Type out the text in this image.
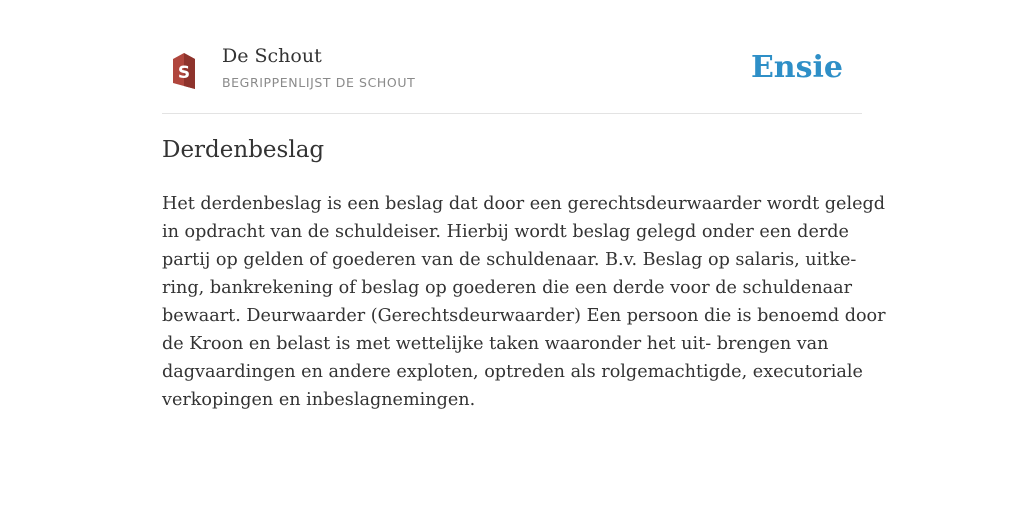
S
De Schout
BEGRIPPENLIJST DE SCHOUT	Ensie
Derdenbeslag

Het derdenbeslag is een beslag dat door een gerechtsdeurwaarder wordt gelegd
in opdracht van de schuldeiser. Hierbij wordt beslag gelegd onder een derde
partij op gelden of goederen van de schuldenaar. B.v. Beslag op salaris, uitke-
ring, bankrekening of beslag op goederen die een derde voor de schuldenaar
bewaart. Deurwaarder (Gerechtsdeurwaarder) Een persoon die is benoemd door
de Kroon en belast is met wettelijke taken waaronder het uit- brengen van
dagvaardingen en andere exploten, optreden als rolgemachtigde, executoriale
verkopingen en inbeslagnemingen.
